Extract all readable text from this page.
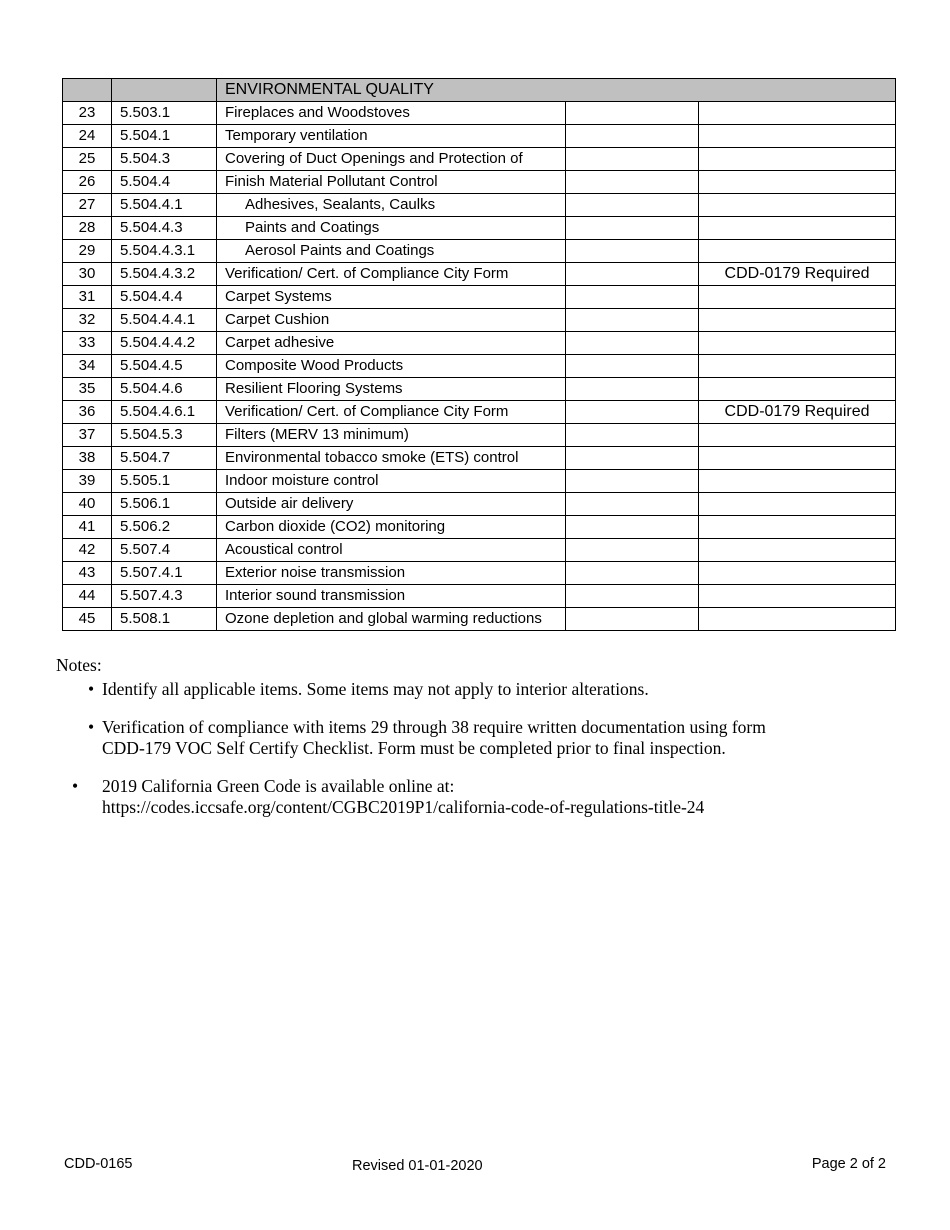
		ENVIRONMENTAL QUALITY		
23	5.503.1	Fireplaces and Woodstoves		
24	5.504.1	Temporary ventilation		
25	5.504.3	Covering of Duct Openings and Protection of		
26	5.504.4	Finish Material Pollutant Control		
27	5.504.4.1	Adhesives, Sealants, Caulks		
28	5.504.4.3	Paints and Coatings		
29	5.504.4.3.1	Aerosol Paints and Coatings		
30	5.504.4.3.2	Verification/ Cert. of Compliance City Form		CDD-0179 Required
31	5.504.4.4	Carpet Systems		
32	5.504.4.4.1	Carpet Cushion		
33	5.504.4.4.2	Carpet adhesive		
34	5.504.4.5	Composite Wood Products		
35	5.504.4.6	Resilient Flooring Systems		
36	5.504.4.6.1	Verification/ Cert. of Compliance City Form		CDD-0179 Required
37	5.504.5.3	Filters (MERV 13 minimum)		
38	5.504.7	Environmental tobacco smoke (ETS) control		
39	5.505.1	Indoor moisture control		
40	5.506.1	Outside air delivery		
41	5.506.2	Carbon dioxide (CO2) monitoring		
42	5.507.4	Acoustical control		
43	5.507.4.1	Exterior noise transmission		
44	5.507.4.3	Interior sound transmission		
45	5.508.1	Ozone depletion and global warming reductions		

Notes:

• Identify all applicable items. Some items may not apply to interior alterations.
• Verification of compliance with items 29 through 38 require written documentation using form
CDD-179 VOC Self Certify Checklist. Form must be completed prior to final inspection.
• 2019 California Green Code is available online at:
https://codes.iccsafe.org/content/CGBC2019P1/california-code-of-regulations-title-24
CDD-0165	Revised 01-01-2020	Page 2 of 2
